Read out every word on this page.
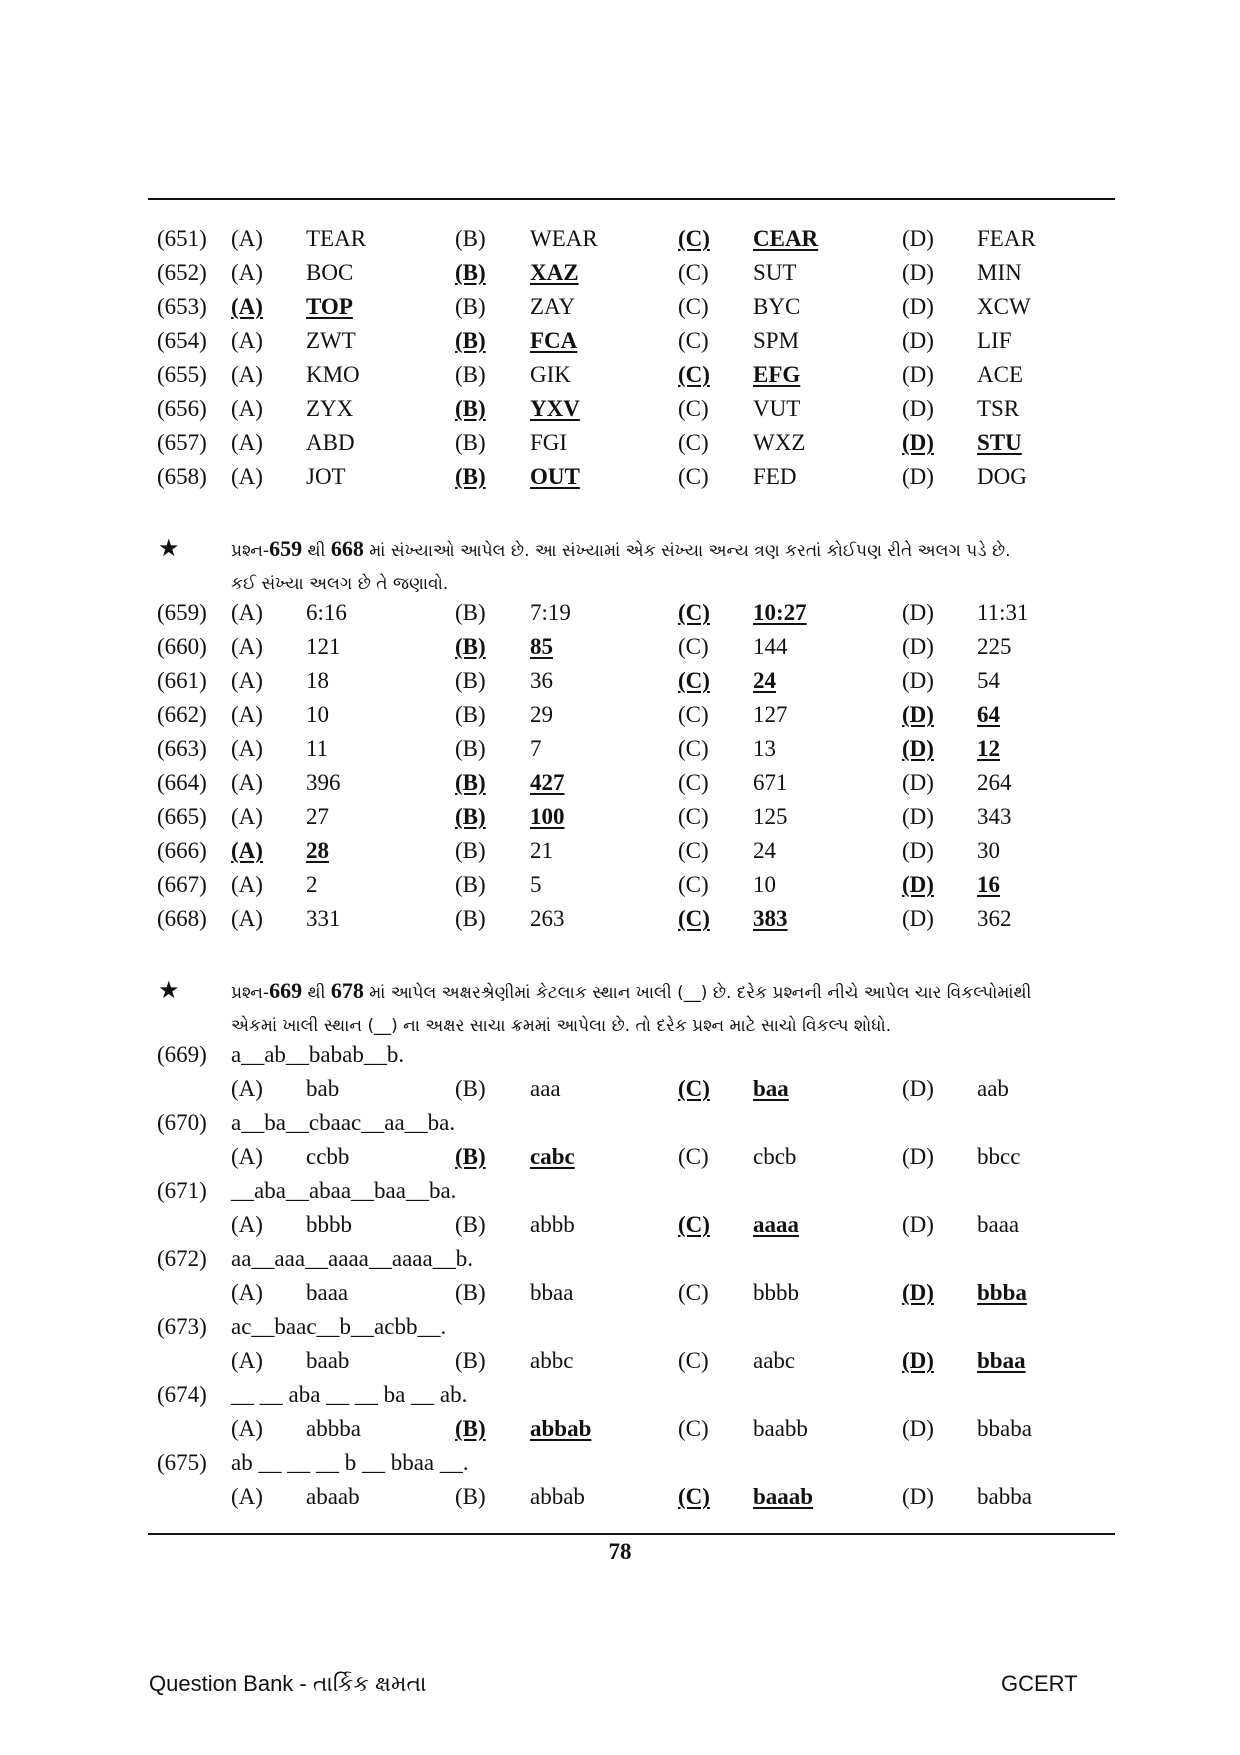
(651) (A) TEAR	(B) WEAR	(C) CEAR	(D) FEAR
(652) (A) BOC	(B) XAZ	(C) SUT	(D) MIN
(653) (A) TOP	(B) ZAY	(C) BYC	(D) XCW
(654) (A) ZWT	(B) FCA	(C) SPM	(D) LIF
(655) (A) KMO	(B) GIK	(C) EFG	(D) ACE
(656) (A) ZYX	(B) YXV	(C) VUT	(D) TSR
(657) (A) ABD	(B) FGI	(C) WXZ	(D) STU
(658) (A) JOT	(B) OUT	(C) FED	(D) DOG
★	પ્રશ્ન-659 થી 668 માં સંખ્યાઓ આપેલ છે. આ સંખ્યામાં એક સંખ્યા અન્ય ત્રણ કરતાં કોઈપણ રીતે અલગ પડે છે.
કઈ સંખ્યા અલગ છે તે જણાવો.
(659) (A) 6:16	(B) 7:19	(C) 10:27	(D) 11:31
(660) (A) 121	(B) 85	(C) 144	(D) 225
(661) (A) 18	(B) 36	(C) 24	(D) 54
(662) (A) 10	(B) 29	(C) 127	(D) 64
(663) (A) 11	(B) 7	(C) 13	(D) 12
(664) (A) 396	(B) 427	(C) 671	(D) 264
(665) (A) 27	(B) 100	(C) 125	(D) 343
(666) (A) 28	(B) 21	(C) 24	(D) 30
(667) (A) 2	(B) 5	(C) 10	(D) 16
(668) (A) 331	(B) 263	(C) 383	(D) 362
★	પ્રશ્ન-669 થી 678 માં આપેલ અક્ષરશ્રેણીમાં કેટલાક સ્થાન ખાલી (__) છે. દરેક પ્રશ્નની નીચે આપેલ ચાર વિકલ્પોમાંથી
એકમાં ખાલી સ્થાન (__) ના અક્ષર સાચા ક્રમમાં આપેલા છે. તો દરેક પ્રશ્ન માટે સાચો વિકલ્પ શોધો.
(669) a__ab__babab__b.
(A) bab	(B) aaa	(C) baa	(D) aab
(670) a__ba__cbaac__aa__ba.
(A) ccbb	(B) cabc	(C) cbcb	(D) bbcc
(671) __aba__abaa__baa__ba.
(A) bbbb	(B) abbb	(C) aaaa	(D) baaa
(672) aa__aaa__aaaa__aaaa__b.
(A) baaa	(B) bbaa	(C) bbbb	(D) bbba
(673) ac__baac__b__acbb__.
(A) baab	(B) abbc	(C) aabc	(D) bbaa
(674) __ __ aba __ __ ba __ ab.
(A) abbba	(B) abbab	(C) baabb	(D) bbaba
(675) ab __ __ __ b __ bbaa __.
(A) abaab	(B) abbab	(C) baaab	(D) babba
78
Question Bank - તાર્કિક ક્ષમતા	GCERT
